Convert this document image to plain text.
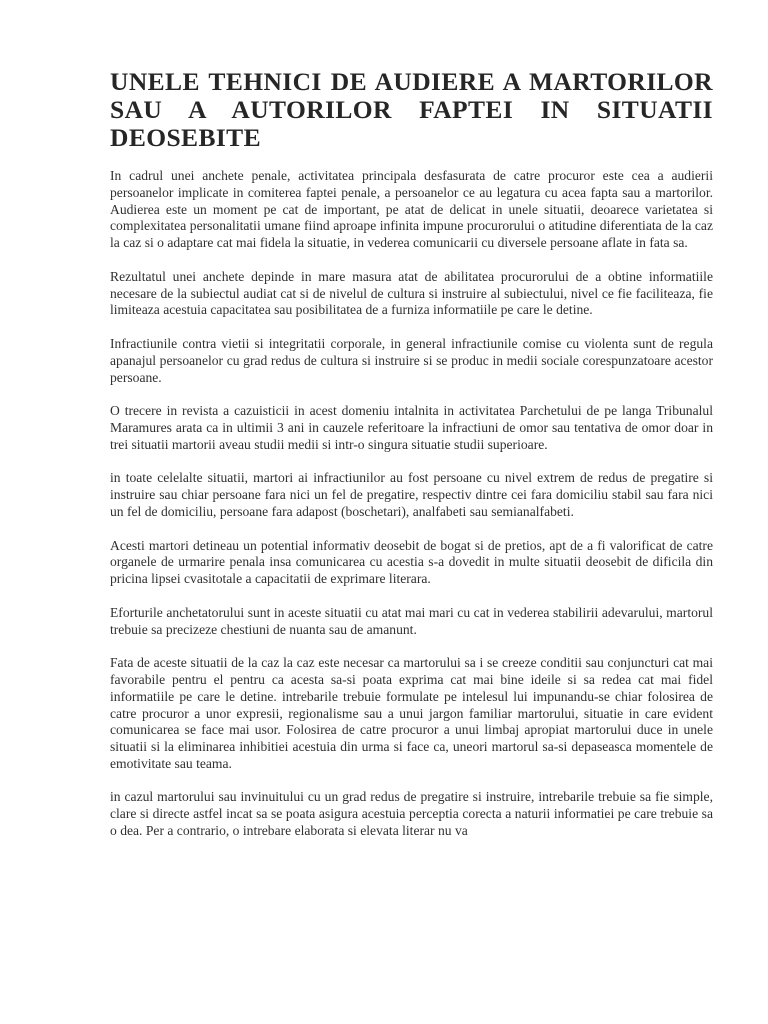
UNELE TEHNICI DE AUDIERE A MARTORILOR SAU A AUTORILOR FAPTEI IN SITUATII DEOSEBITE

In cadrul unei anchete penale, activitatea principala desfasurata de catre procuror este cea a audierii persoanelor implicate in comiterea faptei penale, a persoanelor ce au legatura cu acea fapta sau a martorilor. Audierea este un moment pe cat de important, pe atat de delicat in unele situatii, deoarece varietatea si complexitatea personalitatii umane fiind aproape infinita impune procurorului o atitudine diferentiata de la caz la caz si o adaptare cat mai fidela la situatie, in vederea comunicarii cu diversele persoane aflate in fata sa.

Rezultatul unei anchete depinde in mare masura atat de abilitatea procurorului de a obtine informatiile necesare de la subiectul audiat cat si de nivelul de cultura si instruire al subiectului, nivel ce fie faciliteaza, fie limiteaza acestuia capacitatea sau posibilitatea de a furniza informatiile pe care le detine.

Infractiunile contra vietii si integritatii corporale, in general infractiunile comise cu violenta sunt de regula apanajul persoanelor cu grad redus de cultura si instruire si se produc in medii sociale corespunzatoare acestor persoane.

O trecere in revista a cazuisticii in acest domeniu intalnita in activitatea Parchetului de pe langa Tribunalul Maramures arata ca in ultimii 3 ani in cauzele referitoare la infractiuni de omor sau tentativa de omor doar in trei situatii martorii aveau studii medii si intr-o singura situatie studii superioare.

in toate celelalte situatii, martori ai infractiunilor au fost persoane cu nivel extrem de redus de pregatire si instruire sau chiar persoane fara nici un fel de pregatire, respectiv dintre cei fara domiciliu stabil sau fara nici un fel de domiciliu, persoane fara adapost (boschetari), analfabeti sau semianalfabeti.

Acesti martori detineau un potential informativ deosebit de bogat si de pretios, apt de a fi valorificat de catre organele de urmarire penala insa comunicarea cu acestia s-a dovedit in multe situatii deosebit de dificila din pricina lipsei cvasitotale a capacitatii de exprimare literara.

Eforturile anchetatorului sunt in aceste situatii cu atat mai mari cu cat in vederea stabilirii adevarului, martorul trebuie sa precizeze chestiuni de nuanta sau de amanunt.

Fata de aceste situatii de la caz la caz este necesar ca martorului sa i se creeze conditii sau conjuncturi cat mai favorabile pentru el pentru ca acesta sa-si poata exprima cat mai bine ideile si sa redea cat mai fidel informatiile pe care le detine. intrebarile trebuie formulate pe intelesul lui impunandu-se chiar folosirea de catre procuror a unor expresii, regionalisme sau a unui jargon familiar martorului, situatie in care evident comunicarea se face mai usor. Folosirea de catre procuror a unui limbaj apropiat martorului duce in unele situatii si la eliminarea inhibitiei acestuia din urma si face ca, uneori martorul sa-si depaseasca momentele de emotivitate sau teama.

in cazul martorului sau invinuitului cu un grad redus de pregatire si instruire, intrebarile trebuie sa fie simple, clare si directe astfel incat sa se poata asigura acestuia perceptia corecta a naturii informatiei pe care trebuie sa o dea. Per a contrario, o intrebare elaborata si elevata literar nu va
